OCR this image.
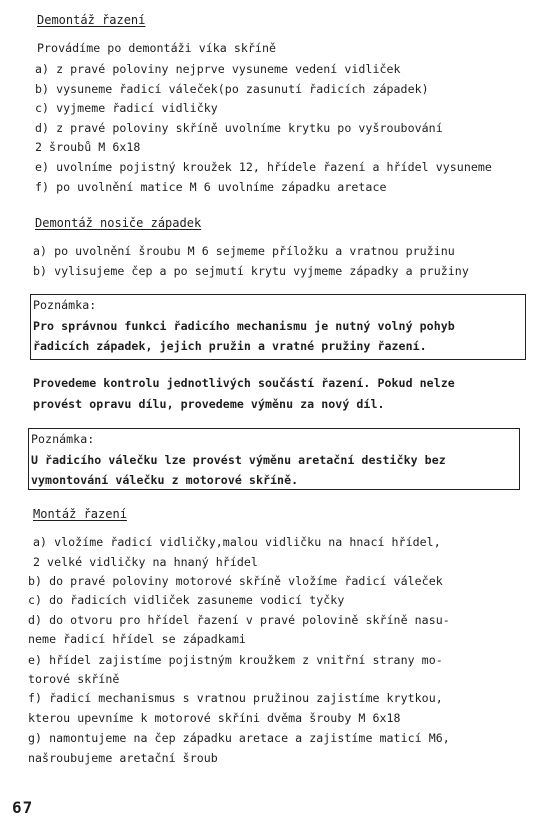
Demontáž řazení
Provádíme po demontáži víka skříně
a) z pravé poloviny nejprve vysuneme vedení vidliček
b) vysuneme řadicí váleček(po zasunutí řadicích západek)
c) vyjmeme řadicí vidličky
d) z pravé poloviny skříně uvolníme krytku po vyšroubování
2 šroubů M 6x18
e) uvolníme pojistný kroužek 12, hřídele řazení a hřídel vysuneme
f) po uvolnění matice M 6 uvolníme západku aretace
Demontáž nosiče západek
a) po uvolnění šroubu M 6 sejmeme příložku a vratnou pružinu
b) vylisujeme čep a po sejmutí krytu vyjmeme západky a pružiny
Poznámka:
Pro správnou funkci řadicího mechanismu je nutný volný pohyb
řadicích západek, jejich pružin a vratné pružiny řazení.
Provedeme kontrolu jednotlivých součástí řazení. Pokud nelze
provést opravu dílu, provedeme výměnu za nový díl.
Poznámka:
U řadicího válečku lze provést výměnu aretační destičky bez
vymontování válečku z motorové skříně.
Montáž řazení
a) vložíme řadicí vidličky,malou vidličku na hnací hřídel,
2 velké vidličky na hnaný hřídel
b) do pravé poloviny motorové skříně vložíme řadicí váleček
c) do řadicích vidliček zasuneme vodicí tyčky
d) do otvoru pro hřídel řazení v pravé polovině skříně nasu-
neme řadicí hřídel se západkami
e) hřídel zajistíme pojistným kroužkem z vnitřní strany mo-
torové skříně
f) řadicí mechanismus s vratnou pružinou zajistíme krytkou,
kterou upevníme k motorové skříni dvěma šrouby M 6x18
g) namontujeme na čep západku aretace a zajistíme maticí M6,
našroubujeme aretační šroub
67
